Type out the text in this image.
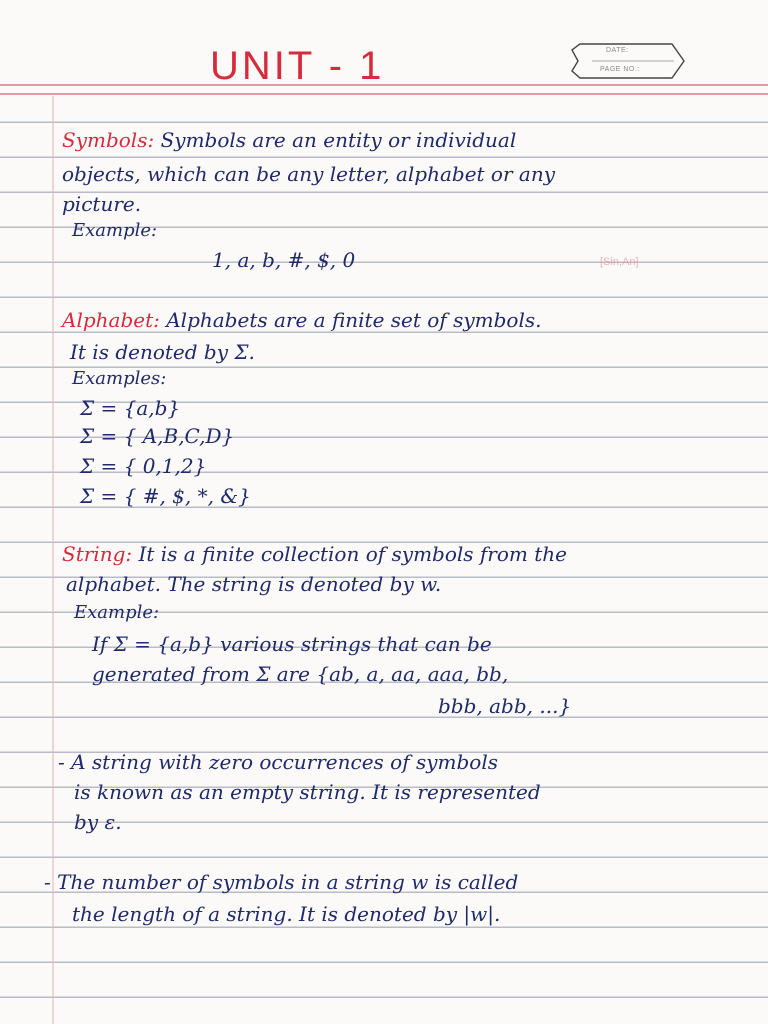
UNIT - 1	DATE:
PAGE NO.:
Symbols: Symbols are an entity or individual
objects, which can be any letter, alphabet or any
picture.
Example:
1, a, b, #, $, 0	[Sin,An]
Alphabet: Alphabets are a finite set of symbols.
It is denoted by Σ.
Examples:
Σ = {a,b}
Σ = { A,B,C,D}
Σ = { 0,1,2}
Σ = { #, $, *, &}
String: It is a finite collection of symbols from the
alphabet. The string is denoted by w.
Example:
If Σ = {a,b} various strings that can be
generated from Σ are {ab, a, aa, aaa, bb,
bbb, abb, ...}
- A string with zero occurrences of symbols
is known as an empty string. It is represented
by ε.
- The number of symbols in a string w is called
the length of a string. It is denoted by |w|.
